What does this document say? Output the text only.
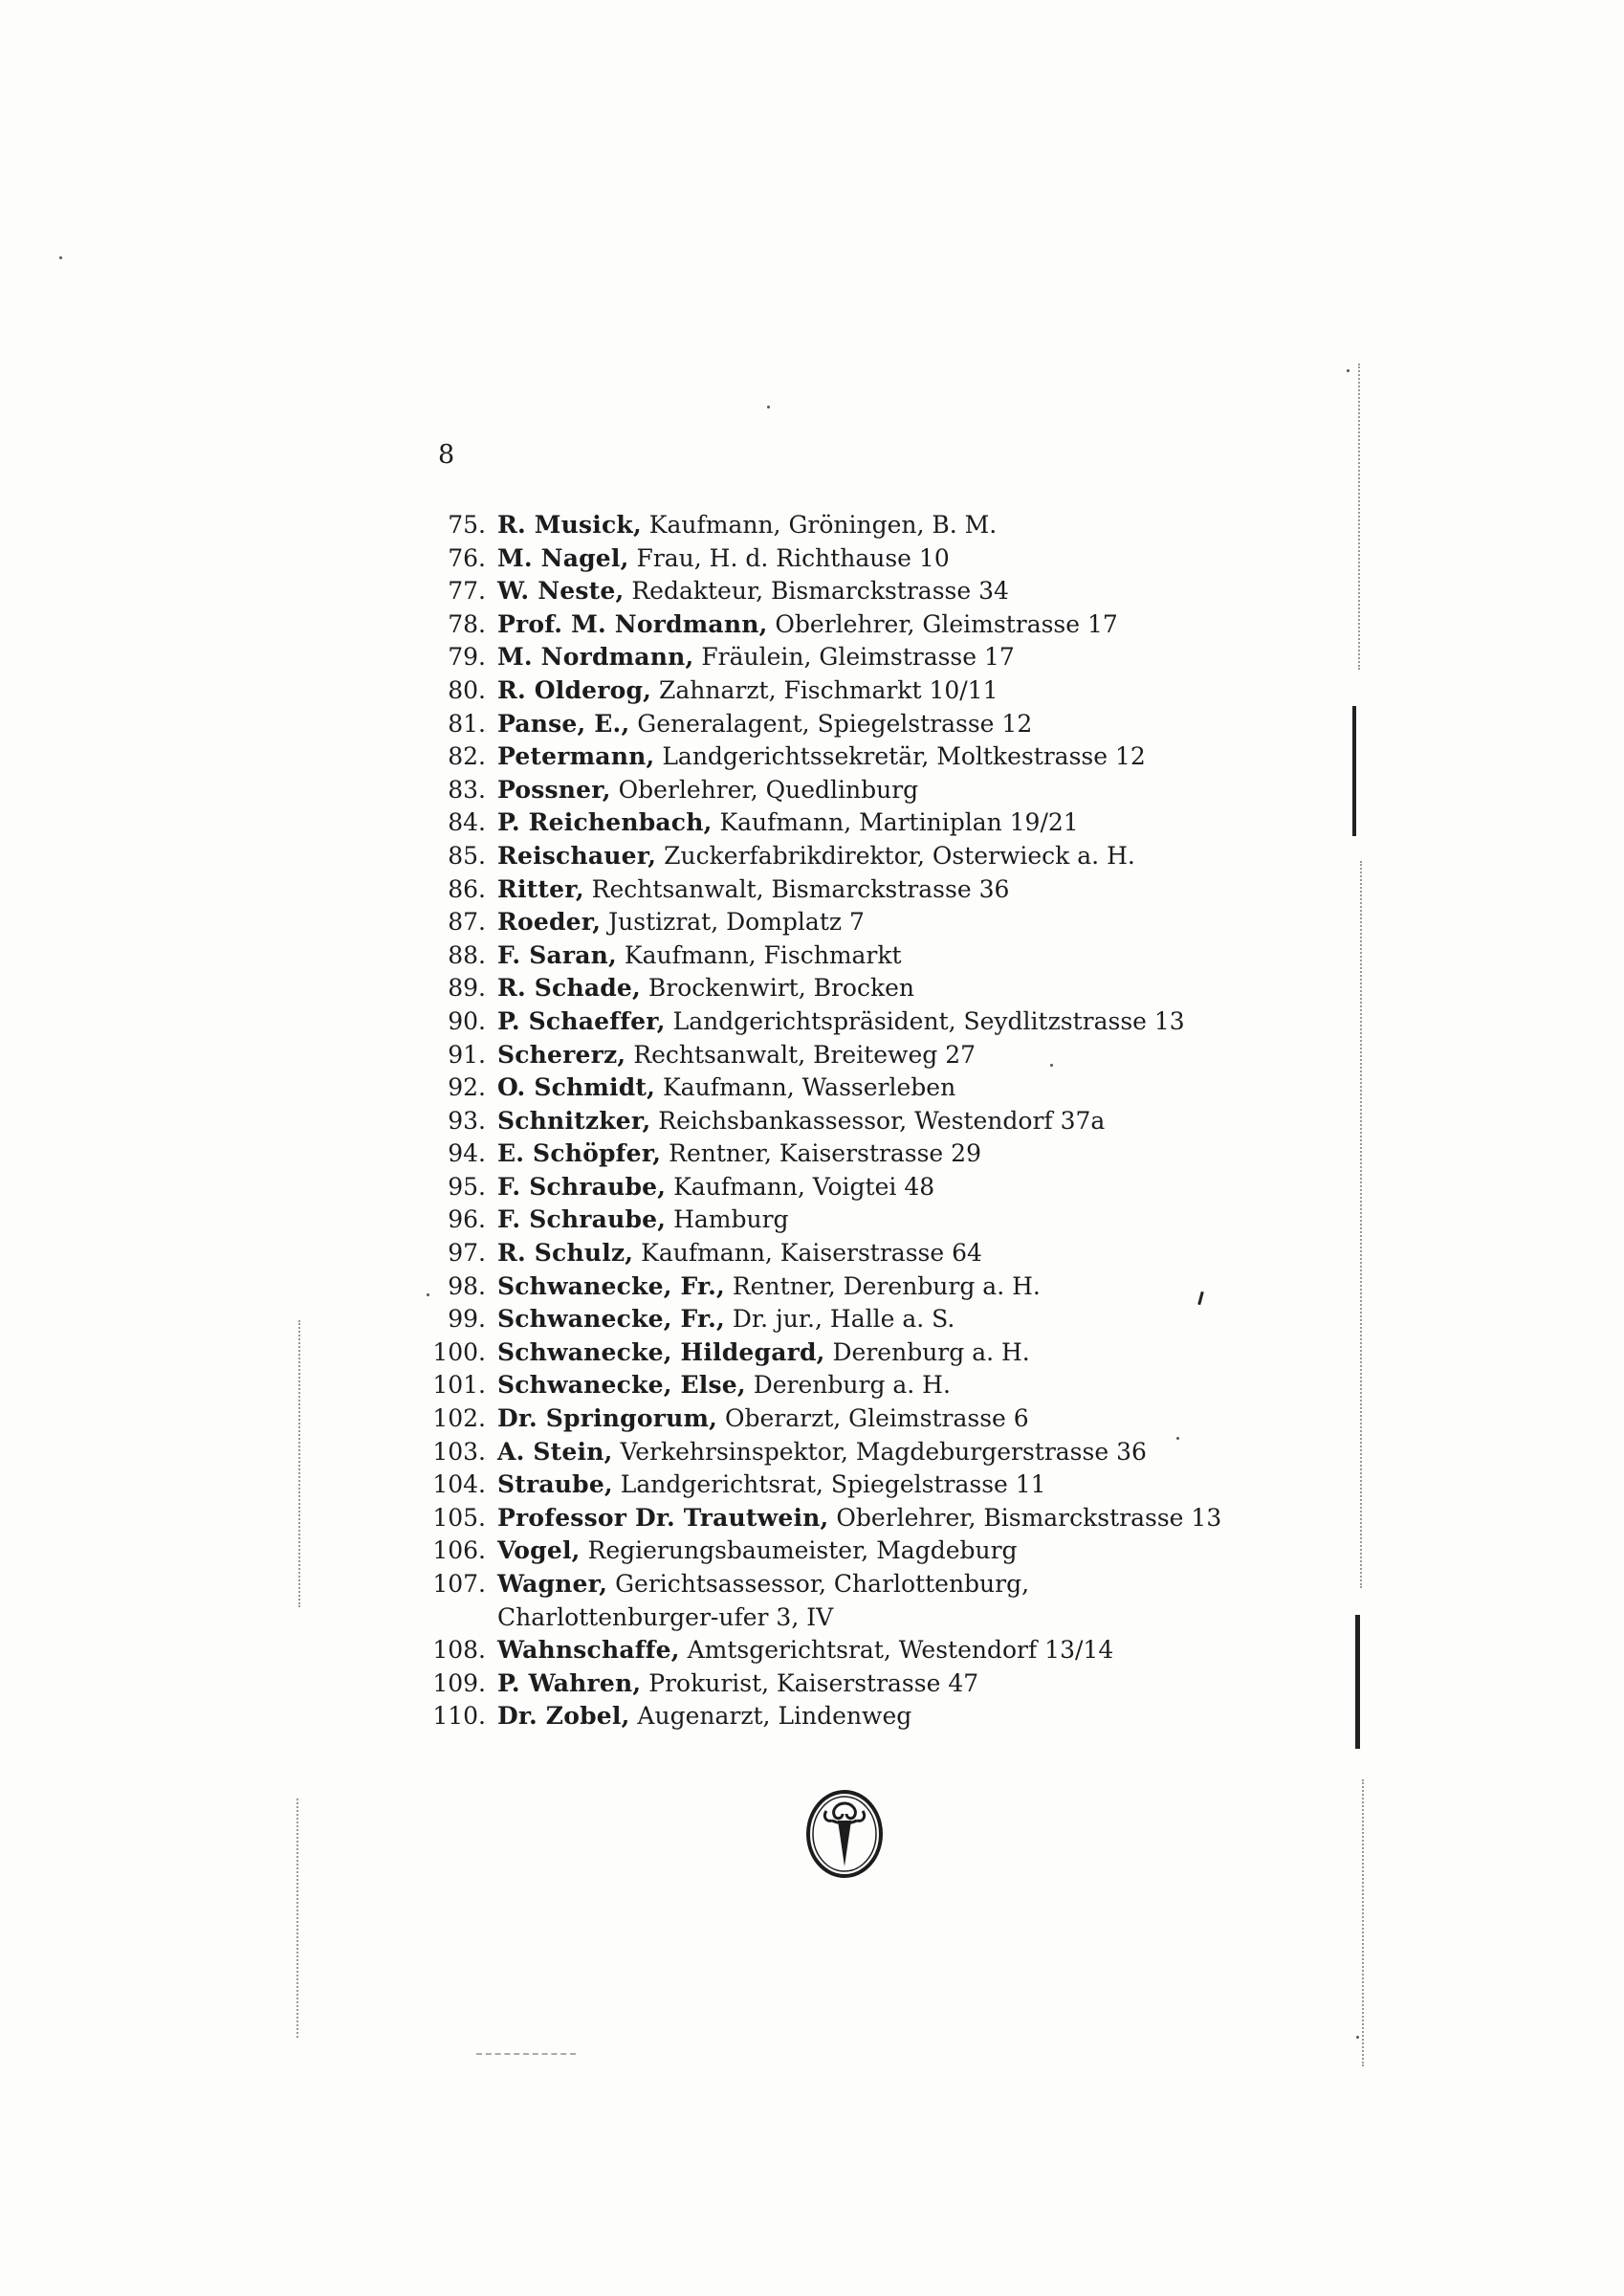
8
75. R. Musick, Kaufmann, Gröningen, B. M.
76. M. Nagel, Frau, H. d. Richthause 10
77. W. Neste, Redakteur, Bismarckstrasse 34
78. Prof. M. Nordmann, Oberlehrer, Gleimstrasse 17
79. M. Nordmann, Fräulein, Gleimstrasse 17
80. R. Olderog, Zahnarzt, Fischmarkt 10/11
81. Panse, E., Generalagent, Spiegelstrasse 12
82. Petermann, Landgerichtssekretär, Moltkestrasse 12
83. Possner, Oberlehrer, Quedlinburg
84. P. Reichenbach, Kaufmann, Martiniplan 19/21
85. Reischauer, Zuckerfabrikdirektor, Osterwieck a. H.
86. Ritter, Rechtsanwalt, Bismarckstrasse 36
87. Roeder, Justizrat, Domplatz 7
88. F. Saran, Kaufmann, Fischmarkt
89. R. Schade, Brockenwirt, Brocken
90. P. Schaeffer, Landgerichtspräsident, Seydlitzstrasse 13
91. Schererz, Rechtsanwalt, Breiteweg 27
92. O. Schmidt, Kaufmann, Wasserleben
93. Schnitzker, Reichsbankassessor, Westendorf 37a
94. E. Schöpfer, Rentner, Kaiserstrasse 29
95. F. Schraube, Kaufmann, Voigtei 48
96. F. Schraube, Hamburg
97. R. Schulz, Kaufmann, Kaiserstrasse 64
98. Schwanecke, Fr., Rentner, Derenburg a. H.
99. Schwanecke, Fr., Dr. jur., Halle a. S.
100. Schwanecke, Hildegard, Derenburg a. H.
101. Schwanecke, Else, Derenburg a. H.
102. Dr. Springorum, Oberarzt, Gleimstrasse 6
103. A. Stein, Verkehrsinspektor, Magdeburgerstrasse 36
104. Straube, Landgerichtsrat, Spiegelstrasse 11
105. Professor Dr. Trautwein, Oberlehrer, Bismarckstrasse 13
106. Vogel, Regierungsbaumeister, Magdeburg
107. Wagner, Gerichtsassessor, Charlottenburg, Charlottenburger-ufer 3, IV
108. Wahnschaffe, Amtsgerichtsrat, Westendorf 13/14
109. P. Wahren, Prokurist, Kaiserstrasse 47
110. Dr. Zobel, Augenarzt, Lindenweg
